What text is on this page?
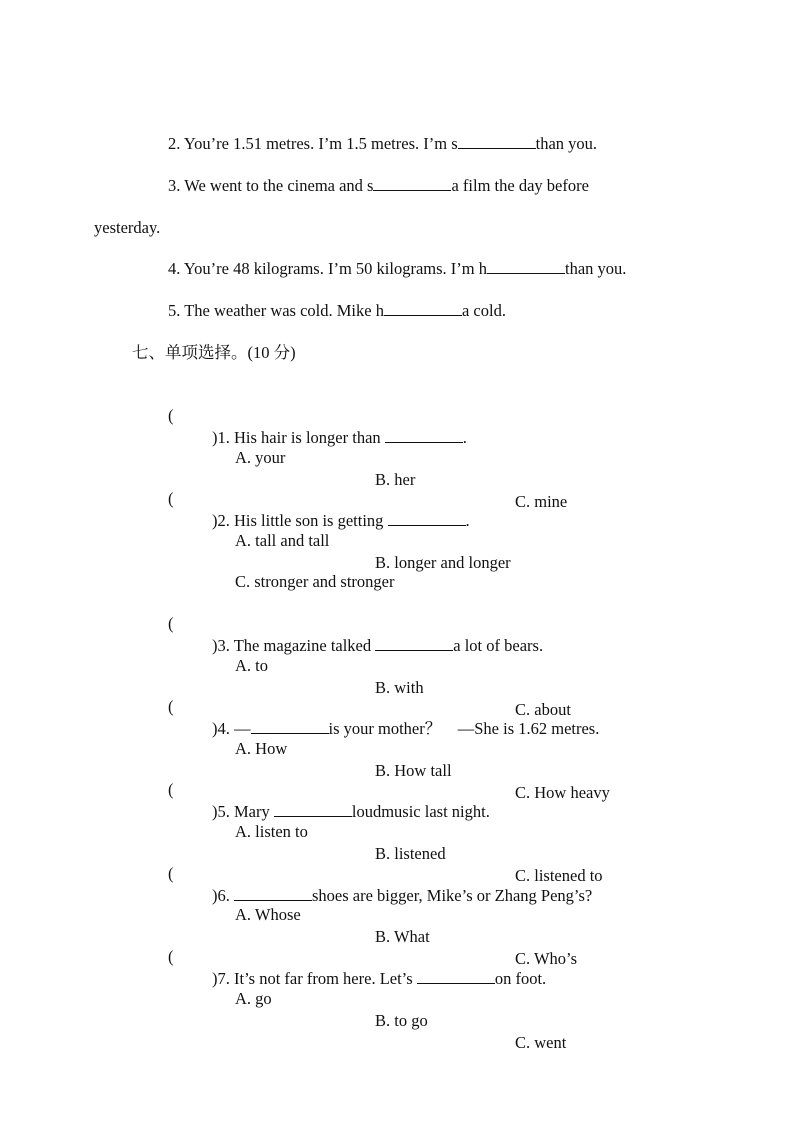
2. You’re 1.51 metres. I’m 1.5 metres. I’m s	than you.
3. We went to the cinema and s	a film the day before
yesterday.
4. You’re 48 kilograms. I’m 50 kilograms. I’m h	than you.
5. The weather was cold. Mike h	a cold.
七、单项选择。(10 分)

(

)1. His hair is longer than	.

A. your

B. her

C. mine

(

)2. His little son is getting	.

A. tall and tall

B. longer and longer

C. stronger and stronger

(

)3. The magazine talked	a lot of bears.

A. to

B. with

C. about

(

)4. —	is your mother？　—She is 1.62 metres.

A. How

B. How tall

C. How heavy

(

)5. Mary	loudmusic last night.

A. listen to

B. listened

C. listened to

(

)6.	shoes are bigger, Mike’s or Zhang Peng’s?

A. Whose

B. What

C. Who’s

(

)7. It’s not far from here. Let’s	on foot.

A. go

B. to go

C. went
